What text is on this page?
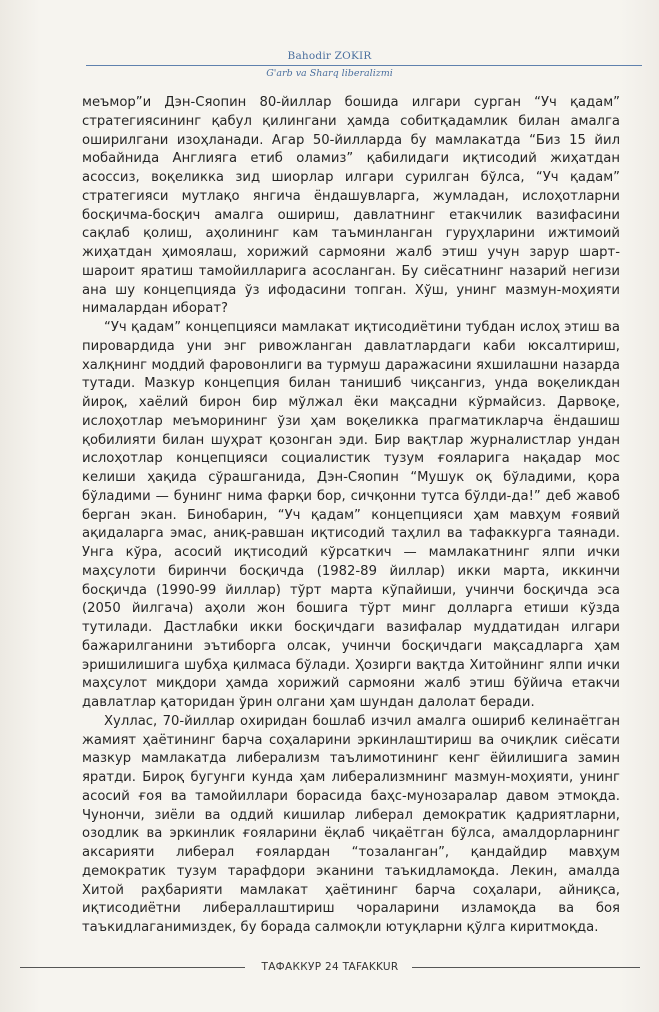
Bahodir ZOKIR
G'arb va Sharq liberalizmi

меъмор”и Дэн-Сяопин 80-йиллар бошида илгари сурган “Уч қадам” стратегиясининг қабул қилингани ҳамда собитқадамлик билан амалга оширилгани изоҳланади. Агар 50-йилларда бу мамлакатда “Биз 15 йил мобайнида Англияга етиб оламиз” қабилидаги иқтисодий жиҳатдан асоссиз, воқеликка зид шиорлар илгари сурилган бўлса, “Уч қадам” стратегияси мутлақо янгича ёндашувларга, жумладан, ислоҳотларни босқичма-босқич амалга ошириш, давлатнинг етакчилик вазифасини сақлаб қолиш, аҳолининг кам таъминланган гуруҳларини ижтимоий жиҳатдан ҳимоялаш, хорижий сармояни жалб этиш учун зарур шарт-шароит яратиш тамойилларига асосланган. Бу сиёсатнинг назарий негизи ана шу концепцияда ўз ифодасини топган. Хўш, унинг мазмун-моҳияти нималардан иборат?

“Уч қадам” концепцияси мамлакат иқтисодиётини тубдан ислоҳ этиш ва пировардида уни энг ривожланган давлатлардаги каби юксалтириш, халқнинг моддий фаровонлиги ва турмуш даражасини яхшилашни назарда тутади. Мазкур концепция билан танишиб чиқсангиз, унда воқеликдан йироқ, хаёлий бирон бир мўлжал ёки мақсадни кўрмайсиз. Дарвоқе, ислоҳотлар меъморининг ўзи ҳам воқеликка прагматикларча ёндашиш қобилияти билан шуҳрат қозонган эди. Бир вақтлар журналистлар ундан ислоҳотлар концепцияси социалистик тузум ғояларига нақадар мос келиши ҳақида сўрашганида, Дэн-Сяопин “Мушук оқ бўладими, қора бўладими — бунинг нима фарқи бор, сичқонни тутса бўлди-да!” деб жавоб берган экан. Бинобарин, “Уч қадам” концепцияси ҳам мавҳум ғоявий ақидаларга эмас, аниқ-равшан иқтисодий таҳлил ва тафаккурга таянади. Унга кўра, асосий иқтисодий кўрсаткич — мамлакатнинг ялпи ички маҳсулоти биринчи босқичда (1982-89 йиллар) икки марта, иккинчи босқичда (1990-99 йиллар) тўрт марта кўпайиши, учинчи босқичда эса (2050 йилгача) аҳоли жон бошига тўрт минг долларга етиши кўзда тутилади. Дастлабки икки босқичдаги вазифалар муддатидан илгари бажарилганини эътиборга олсак, учинчи босқичдаги мақсадларга ҳам эришилишига шубҳа қилмаса бўлади. Ҳозирги вақтда Хитойнинг ялпи ички маҳсулот миқдори ҳамда хорижий сармояни жалб этиш бўйича етакчи давлатлар қаторидан ўрин олгани ҳам шундан далолат беради.

Хуллас, 70-йиллар охиридан бошлаб изчил амалга ошириб келинаётган жамият ҳаётининг барча соҳаларини эркинлаштириш ва очиқлик сиёсати мазкур мамлакатда либерализм таълимотининг кенг ёйилишига замин яратди. Бироқ бугунги кунда ҳам либерализмнинг мазмун-моҳияти, унинг асосий ғоя ва тамойиллари борасида баҳс-мунозаралар давом этмоқда. Чунончи, зиёли ва оддий кишилар либерал демократик қадриятларни, озодлик ва эркинлик ғояларини ёқлаб чиқаётган бўлса, амалдорларнинг аксарияти либерал ғоялардан “тозаланган”, қандайдир мавҳум демократик тузум тарафдори эканини таъкидламоқда. Лекин, амалда Хитой раҳбарияти мамлакат ҳаётининг барча соҳалари, айниқса, иқтисодиётни либераллаштириш чораларини изламоқда ва боя таъкидлаганимиздек, бу борада салмоқли ютуқларни қўлга киритмоқда.

ТАФАККУР 24 TAFAKKUR
